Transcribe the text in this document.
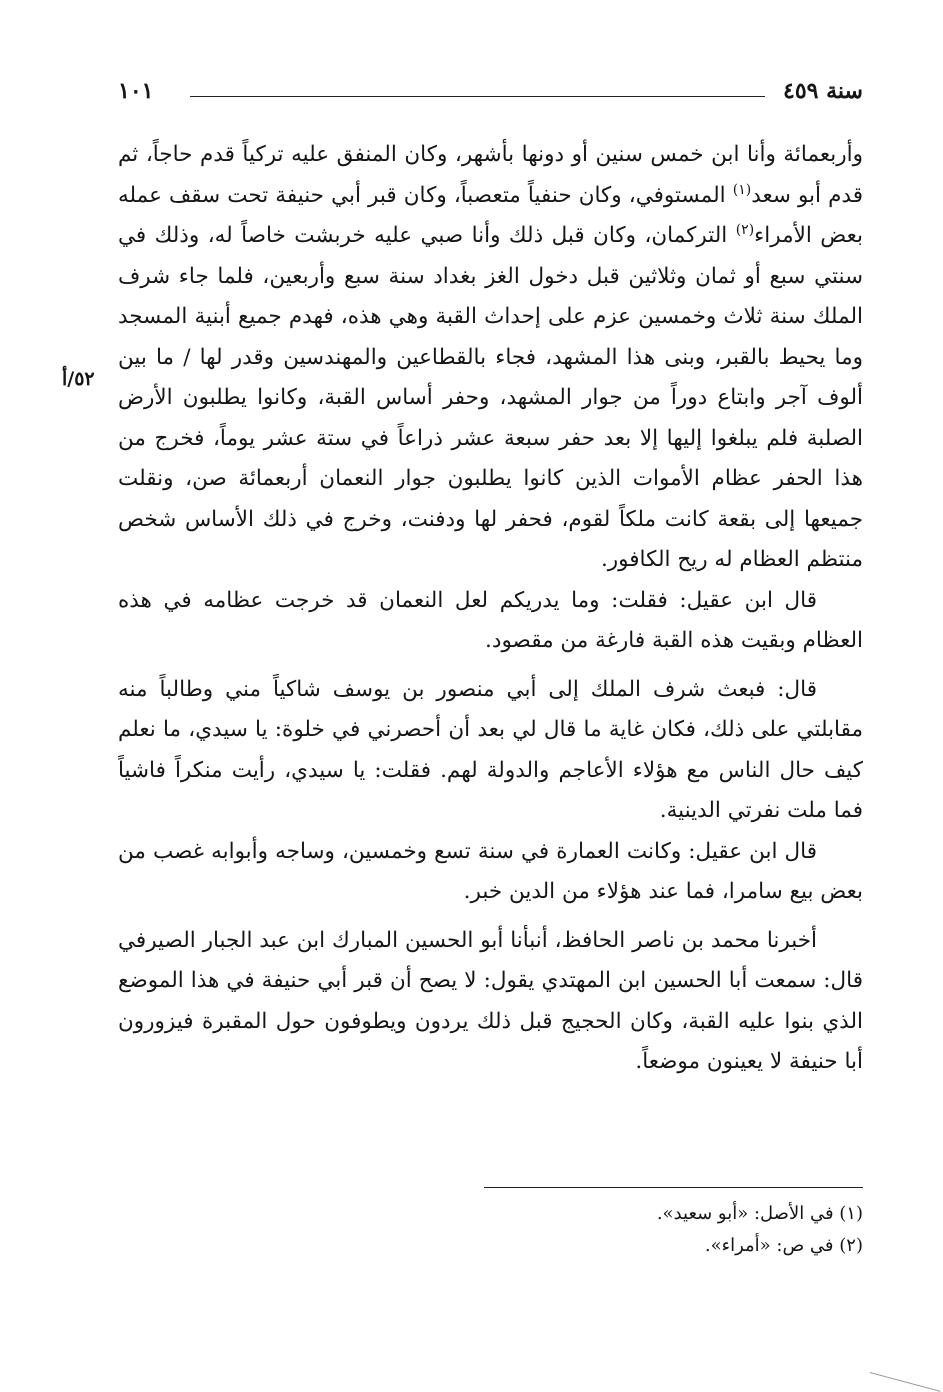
سنة ٤٥٩
١٠١
٥٢/أ

وأربعمائة وأنا ابن خمس سنين أو دونها بأشهر، وكان المنفق عليه تركياً قدم حاجاً، ثم قدم أبو سعد$^{(١)}$ المستوفي، وكان حنفياً متعصباً، وكان قبر أبي حنيفة تحت سقف عمله بعض الأمراء$^{(٢)}$ التركمان، وكان قبل ذلك وأنا صبي عليه خربشت خاصاً له، وذلك في سنتي سبع أو ثمان وثلاثين قبل دخول الغز بغداد سنة سبع وأربعين، فلما جاء شرف الملك سنة ثلاث وخمسين عزم على إحداث القبة وهي هذه، فهدم جميع أبنية المسجد وما يحيط بالقبر، وبنى هذا المشهد، فجاء بالقطاعين والمهندسين وقدر لها / ما بين ألوف آجر وابتاع دوراً من جوار المشهد، وحفر أساس القبة، وكانوا يطلبون الأرض الصلبة فلم يبلغوا إليها إلا بعد حفر سبعة عشر ذراعاً في ستة عشر يوماً، فخرج من هذا الحفر عظام الأموات الذين كانوا يطلبون جوار النعمان أربعمائة صن، ونقلت جميعها إلى بقعة كانت ملكاً لقوم، فحفر لها ودفنت، وخرج في ذلك الأساس شخص منتظم العظام له ريح الكافور.

قال ابن عقيل: فقلت: وما يدريكم لعل النعمان قد خرجت عظامه في هذه العظام وبقيت هذه القبة فارغة من مقصود.

قال: فبعث شرف الملك إلى أبي منصور بن يوسف شاكياً مني وطالباً منه مقابلتي على ذلك، فكان غاية ما قال لي بعد أن أحصرني في خلوة: يا سيدي، ما نعلم كيف حال الناس مع هؤلاء الأعاجم والدولة لهم. فقلت: يا سيدي، رأيت منكراً فاشياً فما ملت نفرتي الدينية.

قال ابن عقيل: وكانت العمارة في سنة تسع وخمسين، وساجه وأبوابه غصب من بعض بيع سامرا، فما عند هؤلاء من الدين خبر.

أخبرنا محمد بن ناصر الحافظ، أنبأنا أبو الحسين المبارك ابن عبد الجبار الصيرفي قال: سمعت أبا الحسين ابن المهتدي يقول: لا يصح أن قبر أبي حنيفة في هذا الموضع الذي بنوا عليه القبة، وكان الحجيج قبل ذلك يردون ويطوفون حول المقبرة فيزورون أبا حنيفة لا يعينون موضعاً.

(١) في الأصل: «أبو سعيد».
(٢) في ص: «أمراء».
